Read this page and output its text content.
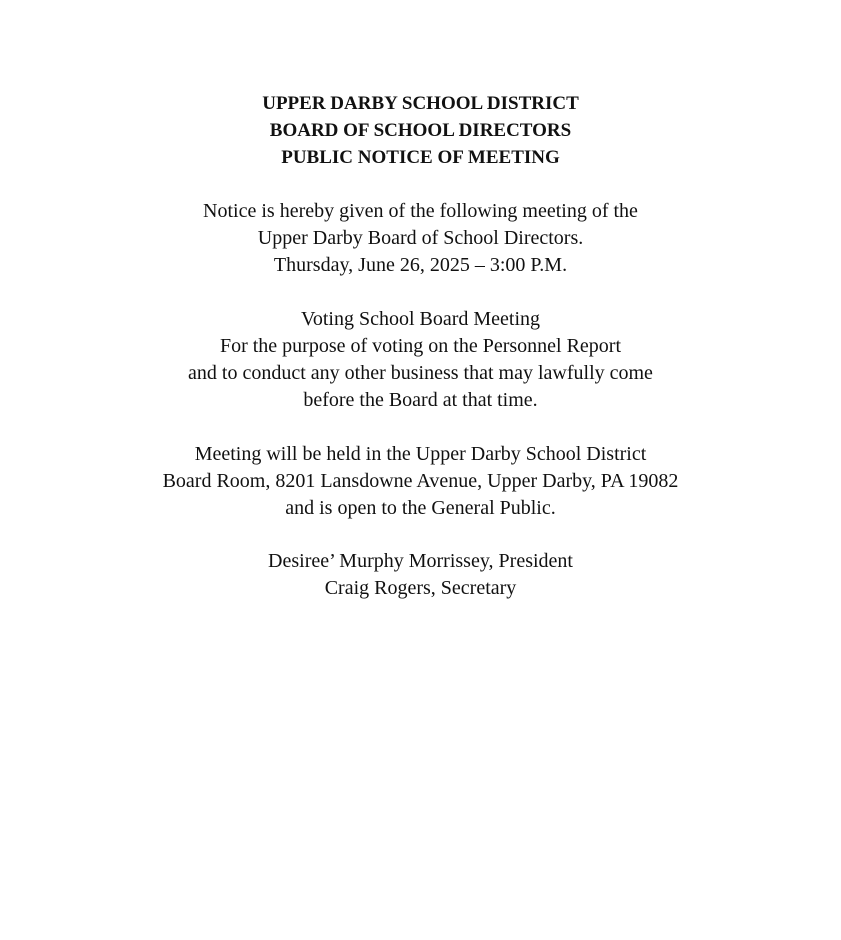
UPPER DARBY SCHOOL DISTRICT
BOARD OF SCHOOL DIRECTORS
PUBLIC NOTICE OF MEETING
Notice is hereby given of the following meeting of the
Upper Darby Board of School Directors.
Thursday, June 26, 2025 – 3:00 P.M.
Voting School Board Meeting
For the purpose of voting on the Personnel Report
and to conduct any other business that may lawfully come
before the Board at that time.
Meeting will be held in the Upper Darby School District
Board Room, 8201 Lansdowne Avenue, Upper Darby, PA 19082
and is open to the General Public.
Desiree’ Murphy Morrissey, President
Craig Rogers, Secretary
